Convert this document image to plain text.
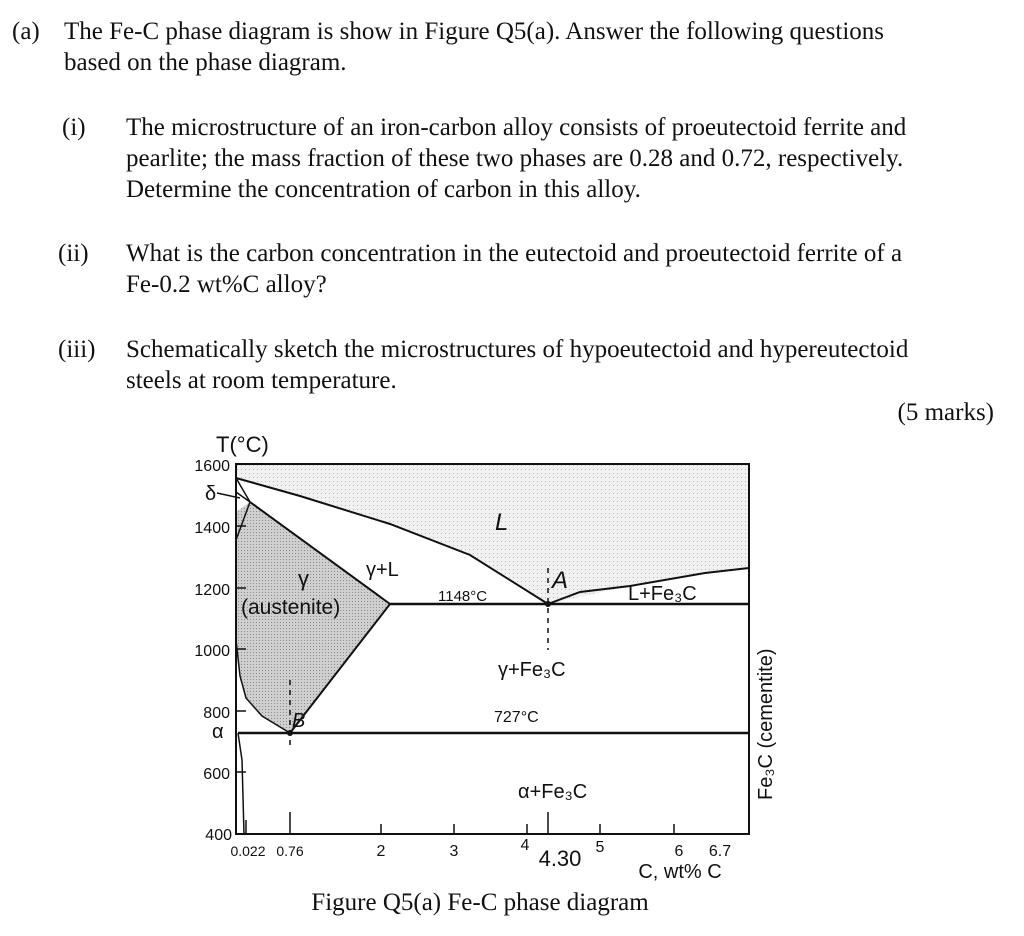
(a) The Fe-C phase diagram is show in Figure Q5(a). Answer the following questions
based on the phase diagram.
(i) The microstructure of an iron-carbon alloy consists of proeutectoid ferrite and
pearlite; the mass fraction of these two phases are 0.28 and 0.72, respectively.
Determine the concentration of carbon in this alloy.
(ii) What is the carbon concentration in the eutectoid and proeutectoid ferrite of a
Fe-0.2 wt%C alloy?
(iii) Schematically sketch the microstructures of hypoeutectoid and hypereutectoid
steels at room temperature.
(5 marks)
T(°C)
1600
1400
1200
1000
800
600
400
0.022 0.76	2	3	4
4.30 5	6 6.7
C, wt% C
Fe₃C (cementite)
δ
α
L
γ
(austenite)
γ+L
L+Fe₃C
γ+Fe₃C
α+Fe₃C
A
B
1148°C
727°C
Figure Q5(a) Fe-C phase diagram
